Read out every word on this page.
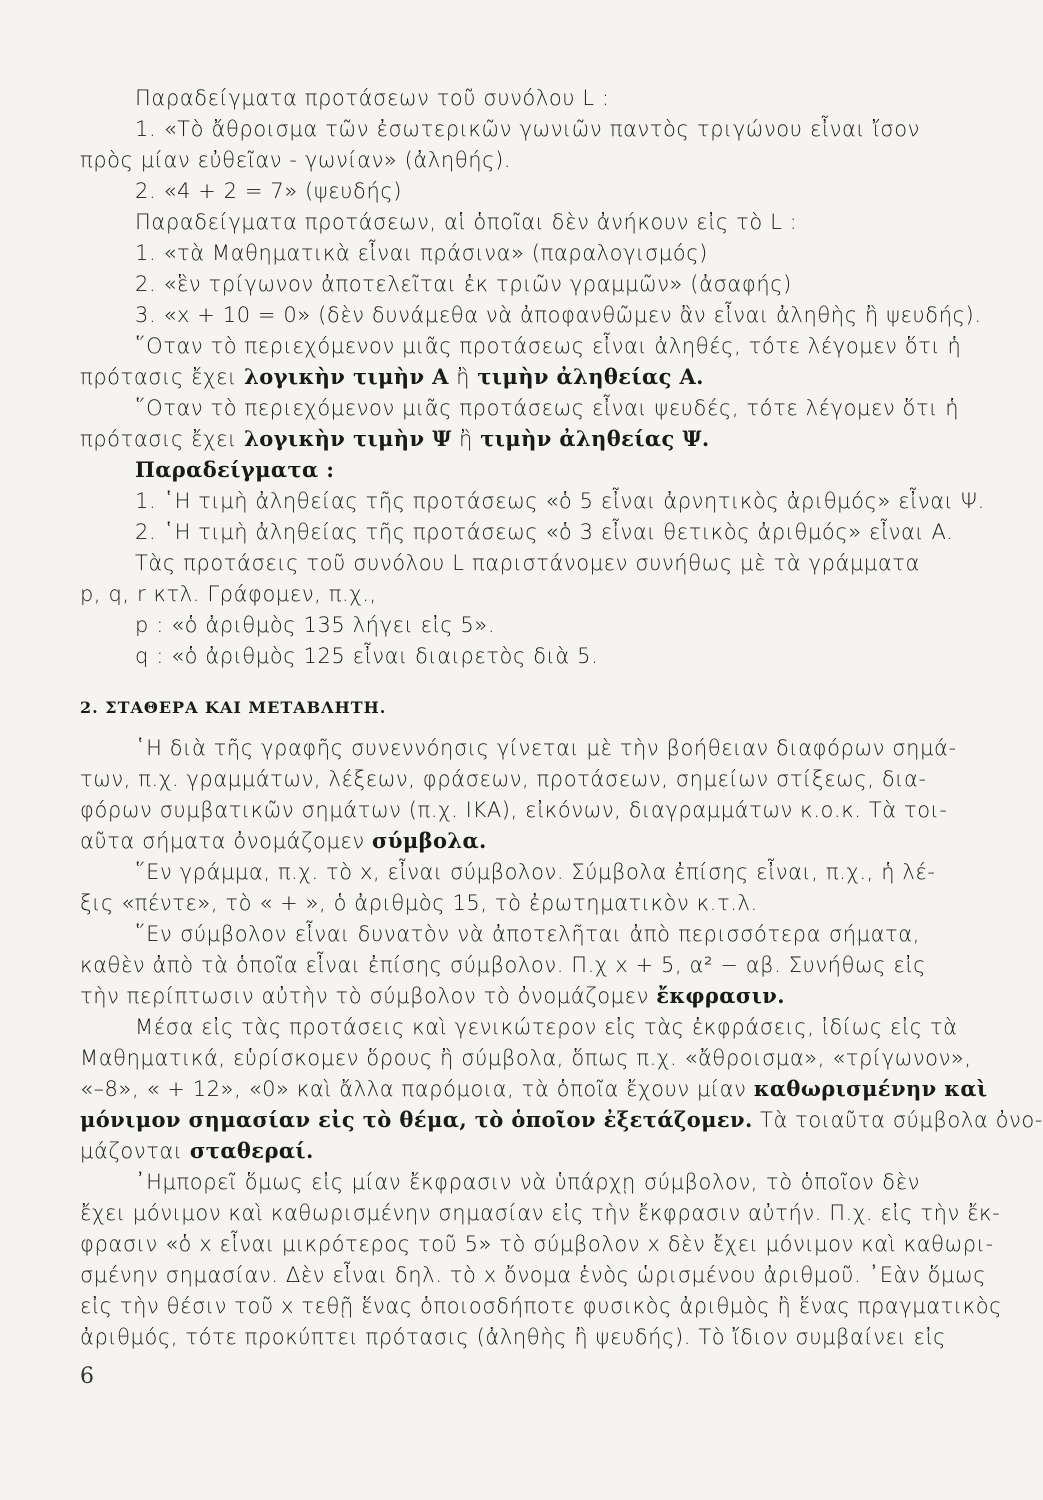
Παραδείγματα προτάσεων τοῦ συνόλου L :
1. «Τὸ ἄθροισμα τῶν ἐσωτερικῶν γωνιῶν παντὸς τριγώνου εἶναι ἴσον
πρὸς μίαν εὐθεῖαν - γωνίαν» (ἀληθής).
2. «4 + 2 = 7» (ψευδής)
Παραδείγματα προτάσεων, αἱ ὁποῖαι δὲν ἀνήκουν εἰς τὸ L :
1. «τὰ Μαθηματικὰ εἶναι πράσινα» (παραλογισμός)
2. «ἓν τρίγωνον ἀποτελεῖται ἐκ τριῶν γραμμῶν» (ἀσαφής)
3. «x + 10 = 0» (δὲν δυνάμεθα νὰ ἀποφανθῶμεν ἂν εἶναι ἀληθὴς ἢ ψευδής).
῞Οταν τὸ περιεχόμενον μιᾶς προτάσεως εἶναι ἀληθές, τότε λέγομεν ὅτι ἡ
πρότασις ἔχει λογικὴν τιμὴν Α ἢ τιμὴν ἀληθείας Α.
῞Οταν τὸ περιεχόμενον μιᾶς προτάσεως εἶναι ψευδές, τότε λέγομεν ὅτι ἡ
πρότασις ἔχει λογικὴν τιμὴν Ψ ἢ τιμὴν ἀληθείας Ψ.
Παραδείγματα :
1. ῾Η τιμὴ ἀληθείας τῆς προτάσεως «ὁ 5 εἶναι ἀρνητικὸς ἀριθμός» εἶναι Ψ.
2. ῾Η τιμὴ ἀληθείας τῆς προτάσεως «ὁ 3 εἶναι θετικὸς ἀριθμός» εἶναι Α.
Τὰς προτάσεις τοῦ συνόλου L παριστάνομεν συνήθως μὲ τὰ γράμματα
p, q, r κτλ. Γράφομεν, π.χ.,
p : «ὁ ἀριθμὸς 135 λήγει εἰς 5».
q : «ὁ ἀριθμὸς 125 εἶναι διαιρετὸς διὰ 5.
2. ΣΤΑΘΕΡΑ ΚΑΙ ΜΕΤΑΒΛΗΤΗ.
῾Η διὰ τῆς γραφῆς συνεννόησις γίνεται μὲ τὴν βοήθειαν διαφόρων σημά-
των, π.χ. γραμμάτων, λέξεων, φράσεων, προτάσεων, σημείων στίξεως, δια-
φόρων συμβατικῶν σημάτων (π.χ. ΙΚΑ), εἰκόνων, διαγραμμάτων κ.ο.κ. Τὰ τοι-
αῦτα σήματα ὀνομάζομεν σύμβολα.
῞Εν γράμμα, π.χ. τὸ x, εἶναι σύμβολον. Σύμβολα ἐπίσης εἶναι, π.χ., ἡ λέ-
ξις «πέντε», τὸ « + », ὁ ἀριθμὸς 15, τὸ ἐρωτηματικὸν κ.τ.λ.
῞Εν σύμβολον εἶναι δυνατὸν νὰ ἀποτελῆται ἀπὸ περισσότερα σήματα,
καθὲν ἀπὸ τὰ ὁποῖα εἶναι ἐπίσης σύμβολον. Π.χ x + 5, α² − αβ. Συνήθως εἰς
τὴν περίπτωσιν αὐτὴν τὸ σύμβολον τὸ ὀνομάζομεν ἔκφρασιν.
Μέσα εἰς τὰς προτάσεις καὶ γενικώτερον εἰς τὰς ἐκφράσεις, ἰδίως εἰς τὰ
Μαθηματικά, εὑρίσκομεν ὅρους ἢ σύμβολα, ὅπως π.χ. «ἄθροισμα», «τρίγωνον»,
«–8», « + 12», «0» καὶ ἄλλα παρόμοια, τὰ ὁποῖα ἔχουν μίαν καθωρισμένην καὶ
μόνιμον σημασίαν εἰς τὸ θέμα, τὸ ὁποῖον ἐξετάζομεν. Τὰ τοιαῦτα σύμβολα ὀνο-
μάζονται σταθεραί.
᾿Ημπορεῖ ὅμως εἰς μίαν ἔκφρασιν νὰ ὑπάρχῃ σύμβολον, τὸ ὁποῖον δὲν
ἔχει μόνιμον καὶ καθωρισμένην σημασίαν εἰς τὴν ἔκφρασιν αὐτήν. Π.χ. εἰς τὴν ἔκ-
φρασιν «ὁ x εἶναι μικρότερος τοῦ 5» τὸ σύμβολον x δὲν ἔχει μόνιμον καὶ καθωρι-
σμένην σημασίαν. Δὲν εἶναι δηλ. τὸ x ὄνομα ἑνὸς ὡρισμένου ἀριθμοῦ. ᾿Εὰν ὅμως
εἰς τὴν θέσιν τοῦ x τεθῇ ἕνας ὁποιοσδήποτε φυσικὸς ἀριθμὸς ἢ ἕνας πραγματικὸς
ἀριθμός, τότε προκύπτει πρότασις (ἀληθὴς ἢ ψευδής). Τὸ ἴδιον συμβαίνει εἰς
6
